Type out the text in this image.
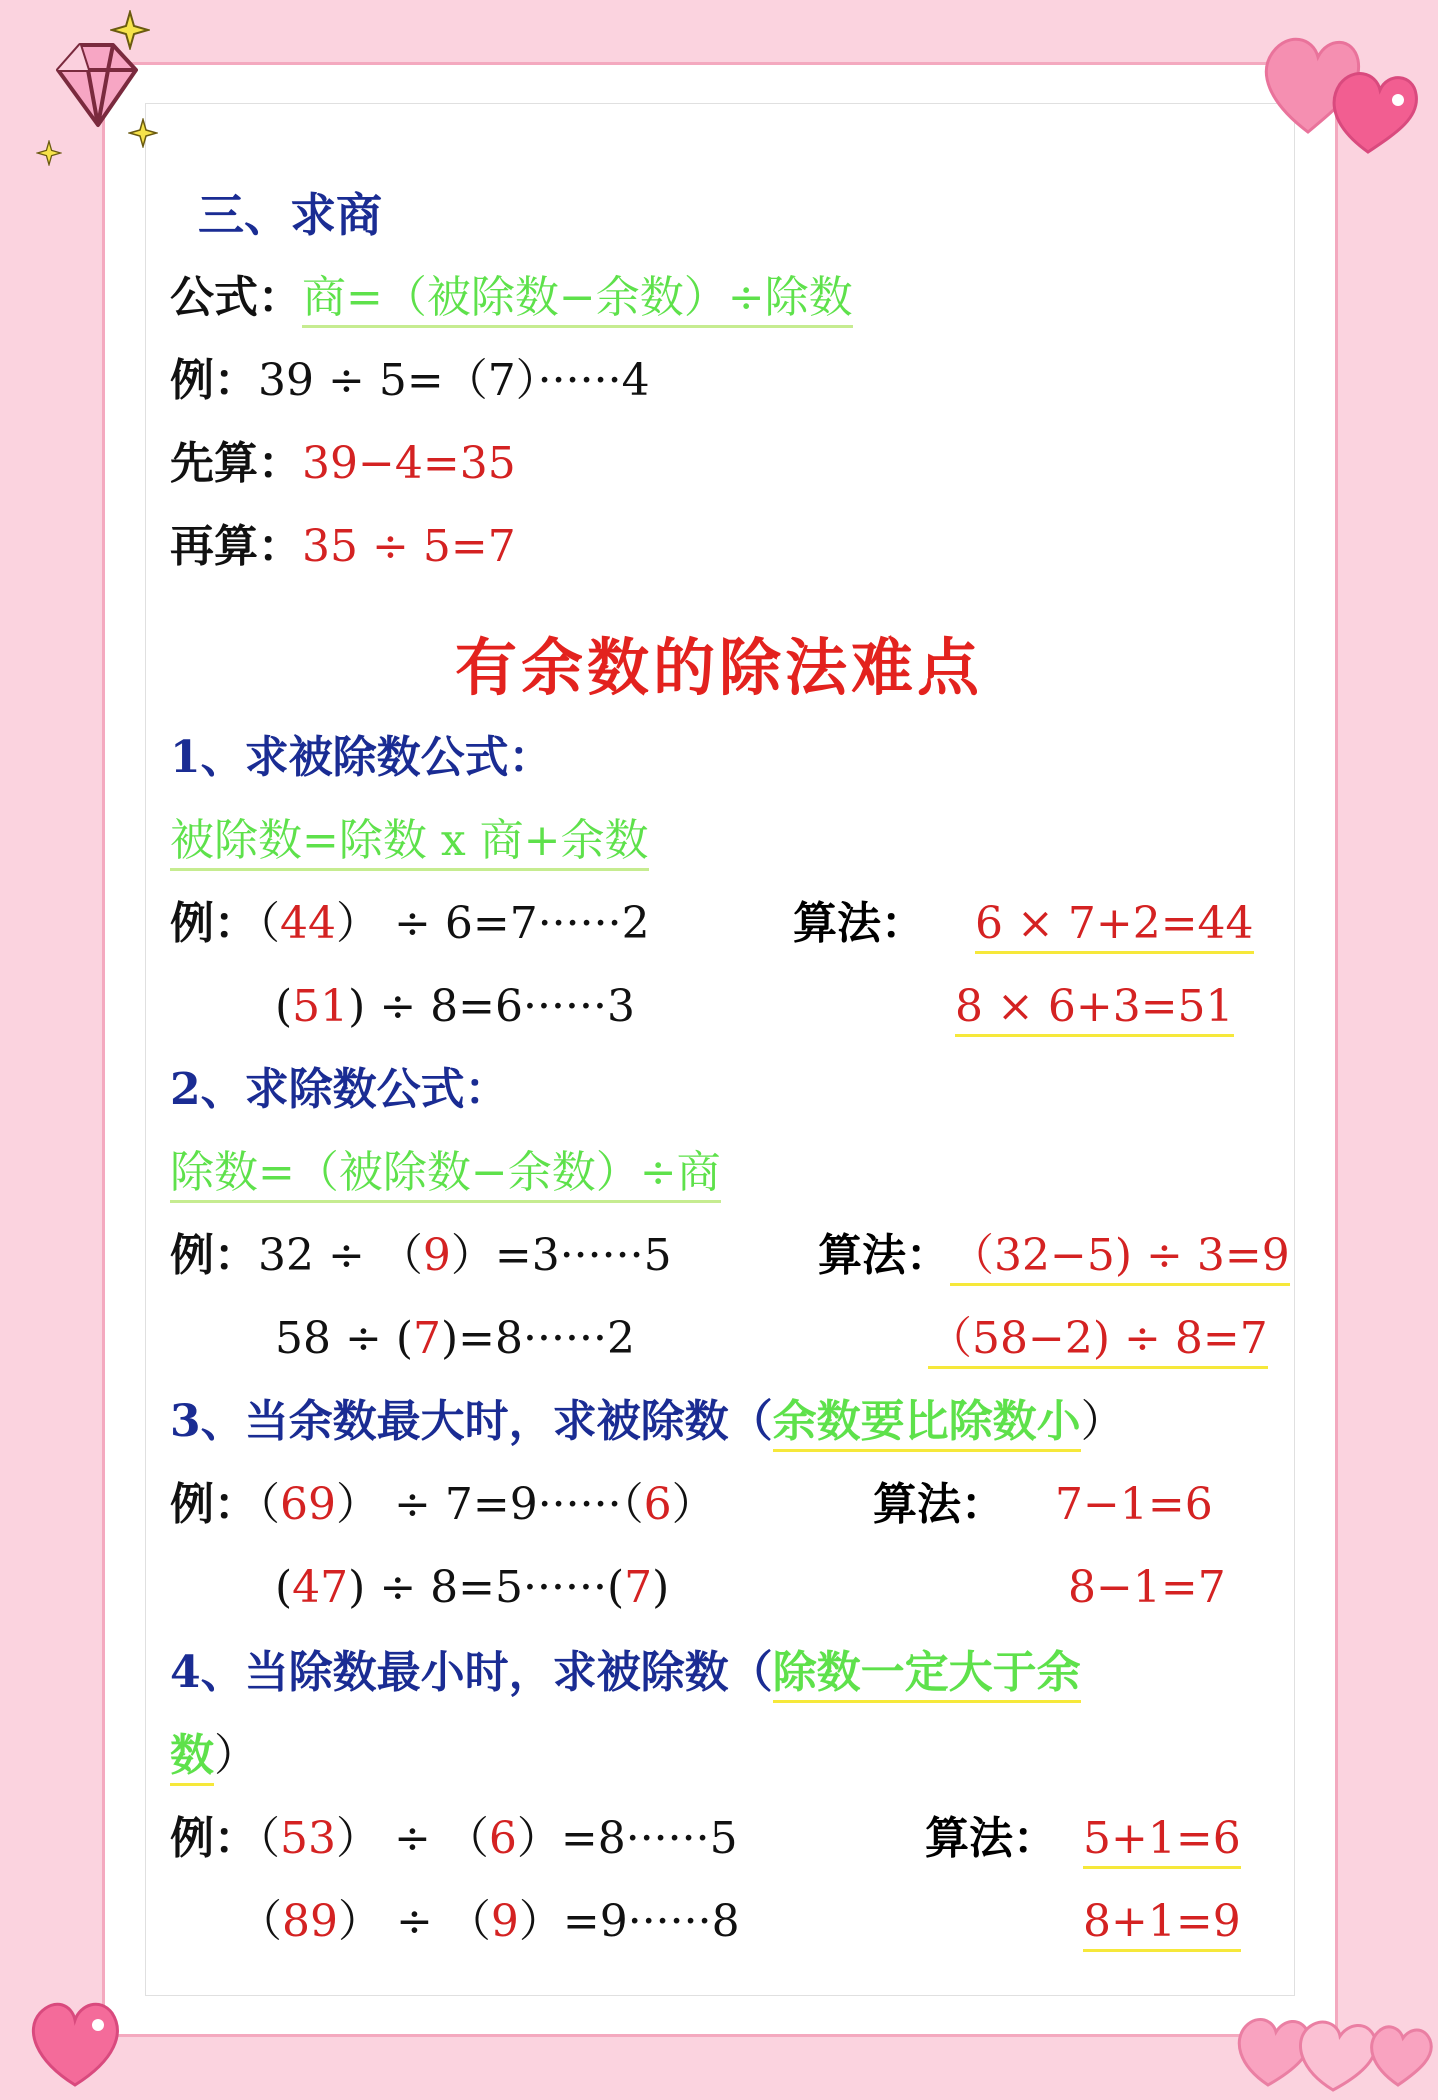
三、求商
公式：商=（被除数−余数）÷除数
例：39 ÷ 5=（7）······4
先算：39−4=35
再算：35 ÷ 5=7
有余数的除法难点
1、求被除数公式：
被除数=除数 x 商+余数
例：（44） ÷ 6=7······2
(51) ÷ 8=6······3
算法： 6 × 7+2=44
8 × 6+3=51
2、求除数公式：
除数=（被除数−余数）÷商
例：32 ÷ （9）=3······5
58 ÷ (7)=8······2
算法： （32−5) ÷ 3=9
（58−2) ÷ 8=7
3、当余数最大时，求被除数（余数要比除数小）
例：（69） ÷ 7=9······（6）
(47) ÷ 8=5······(7)
算法： 7−1=6
8−1=7
4、当除数最小时，求被除数（除数一定大于余
数）
例：（53） ÷ （6）=8······5
（89） ÷ （9）=9······8
算法： 5+1=6
8+1=9
